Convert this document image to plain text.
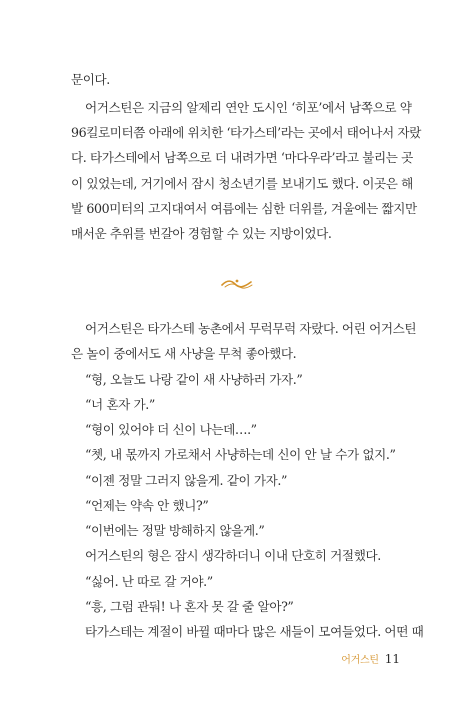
문이다.
어거스틴은 지금의 알제리 연안 도시인 ‘히포’에서 남쪽으로 약
96킬로미터쯤 아래에 위치한 ‘타가스테’라는 곳에서 태어나서 자랐
다. 타가스테에서 남쪽으로 더 내려가면 ‘마다우라’라고 불리는 곳
이 있었는데, 거기에서 잠시 청소년기를 보내기도 했다. 이곳은 해
발 600미터의 고지대여서 여름에는 심한 더위를, 겨울에는 짧지만
매서운 추위를 번갈아 경험할 수 있는 지방이었다.
어거스틴은 타가스테 농촌에서 무럭무럭 자랐다. 어린 어거스틴
은 놀이 중에서도 새 사냥을 무척 좋아했다.
“형, 오늘도 나랑 같이 새 사냥하러 가자.”
“너 혼자 가.”
“형이 있어야 더 신이 나는데….”
“쳇, 내 몫까지 가로채서 사냥하는데 신이 안 날 수가 없지.”
“이젠 정말 그러지 않을게. 같이 가자.”
“언제는 약속 안 했니?”
“이번에는 정말 방해하지 않을게.”
어거스틴의 형은 잠시 생각하더니 이내 단호히 거절했다.
“싫어. 난 따로 갈 거야.”
“흥, 그럼 관둬! 나 혼자 못 갈 줄 알아?”
타가스테는 계절이 바뀔 때마다 많은 새들이 모여들었다. 어떤 때
어거스틴 11
